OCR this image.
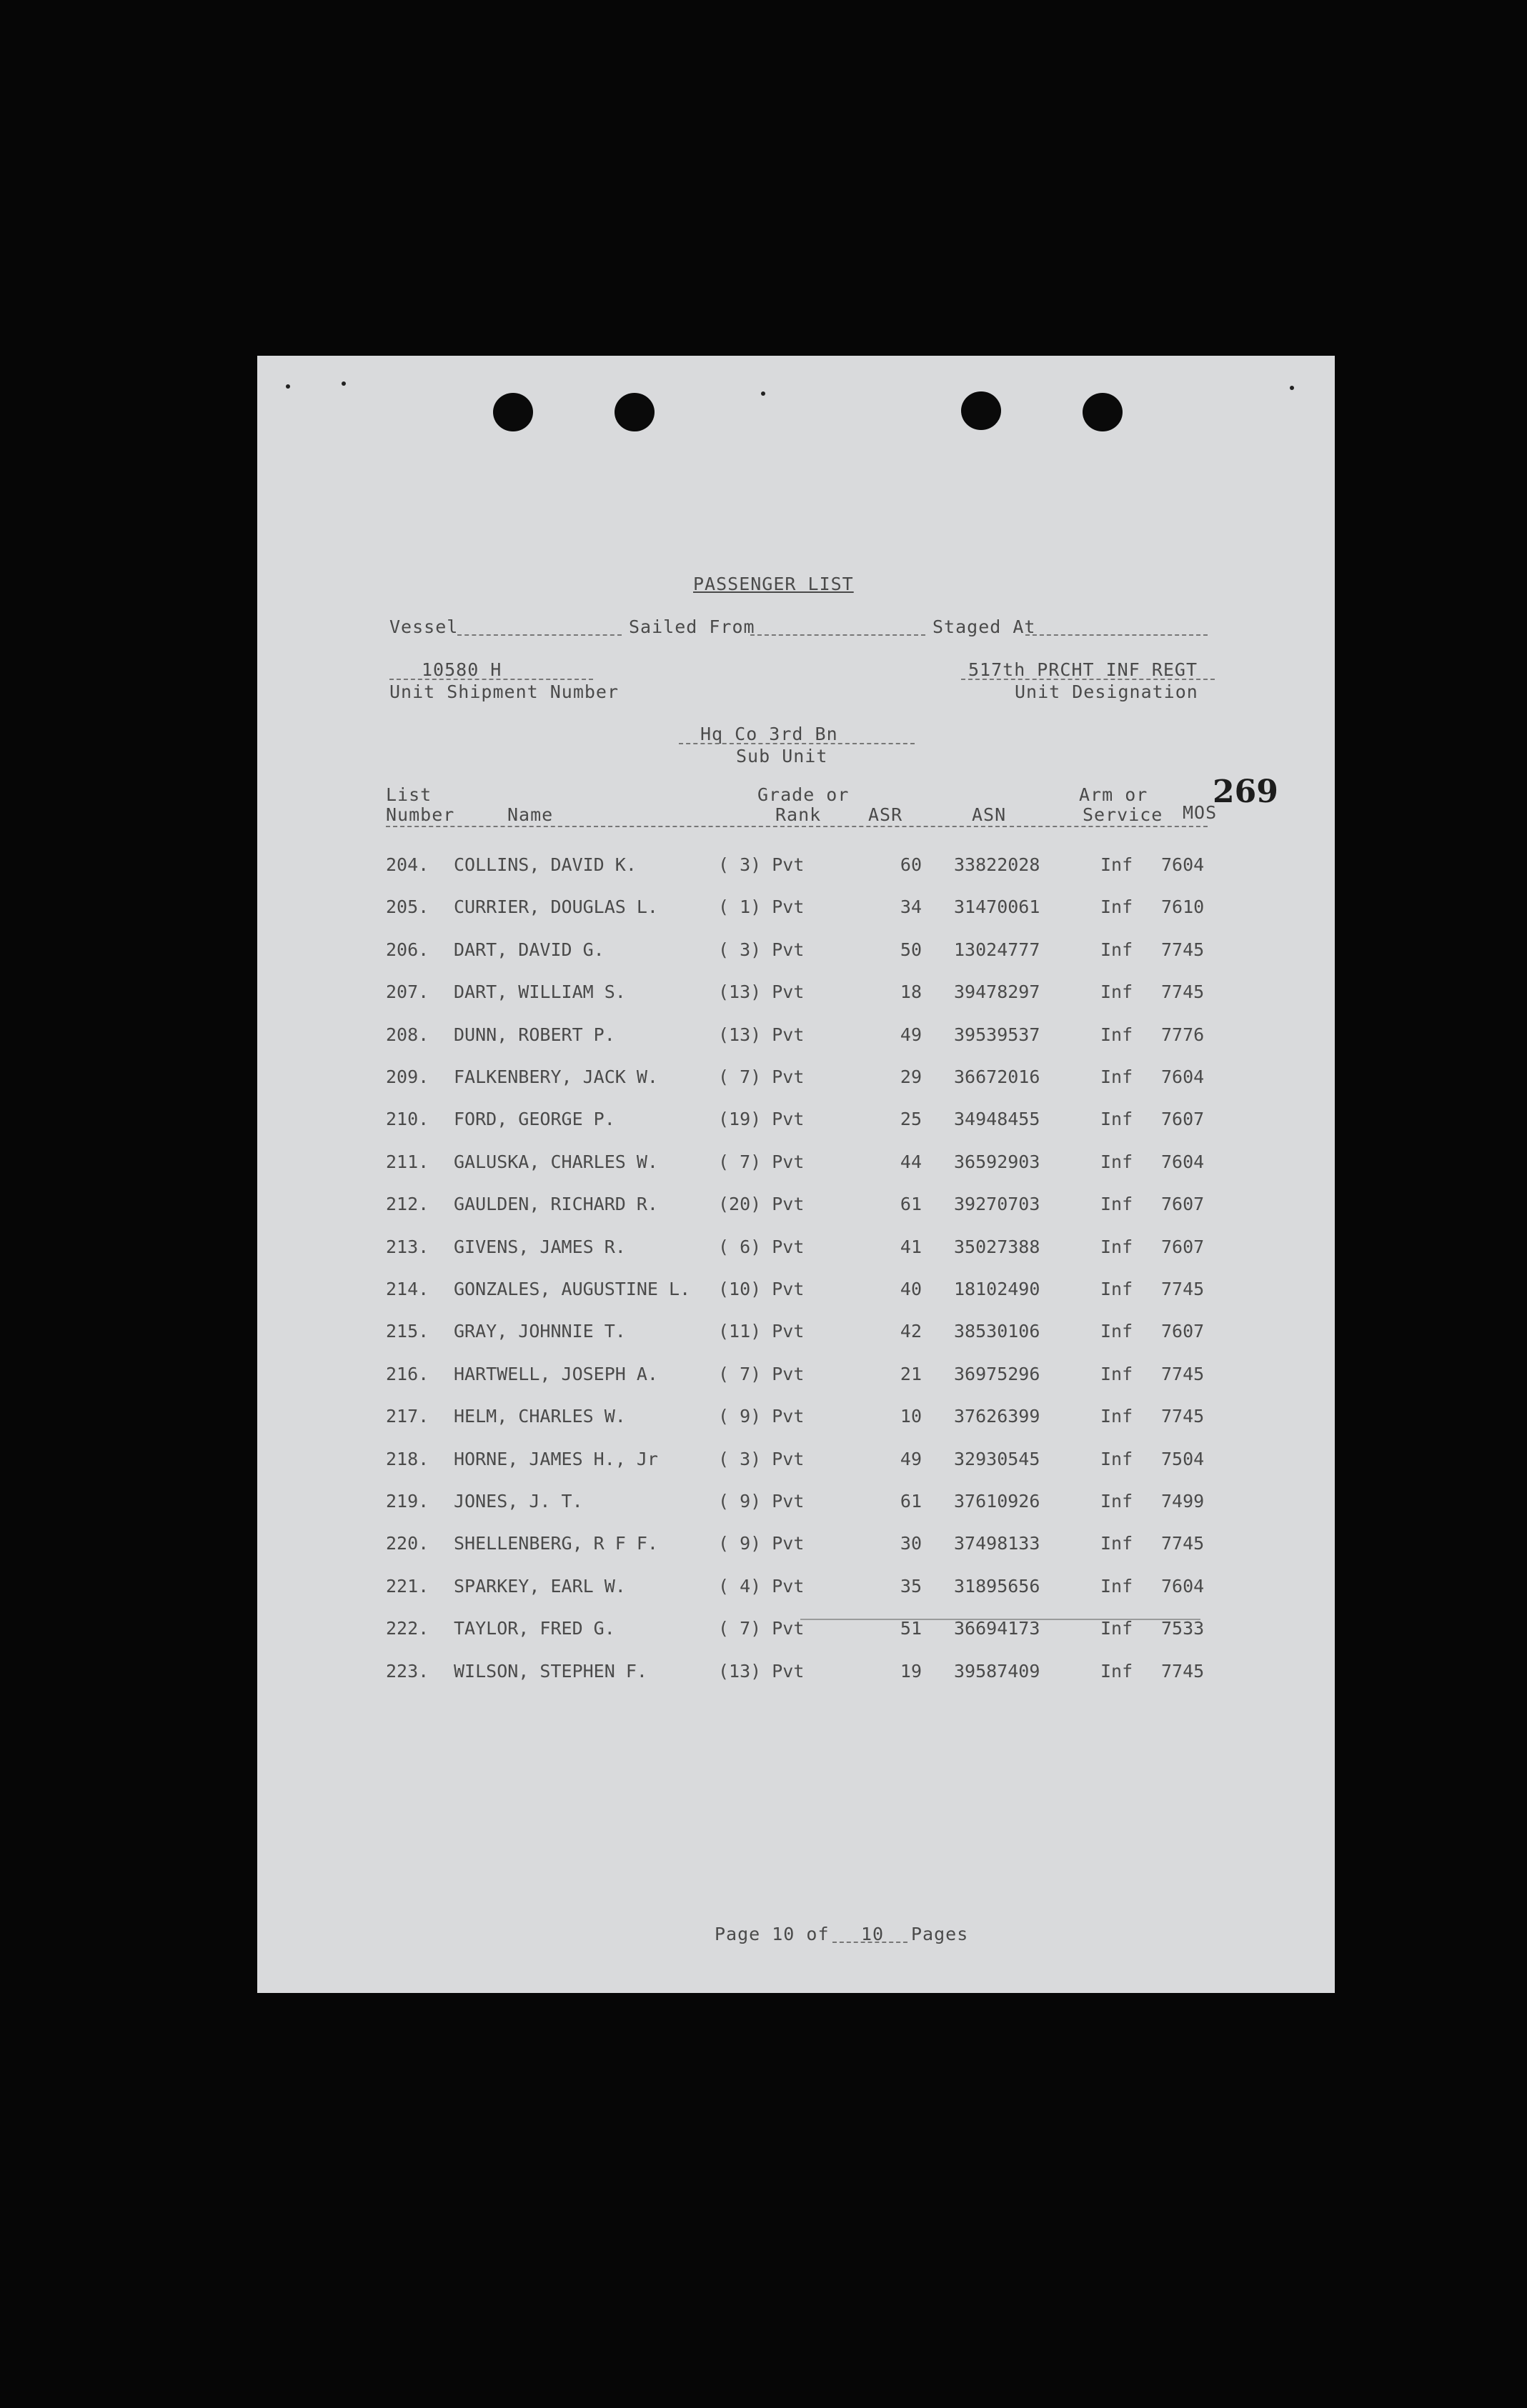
PASSENGER LIST
Vessel	Sailed From	Staged At
10580 H
Unit Shipment Number
517th PRCHT INF REGT
Unit Designation
Hq Co 3rd Bn
Sub Unit
269
List
Number	Name
Grade or
Rank	ASR	ASN
Arm or
Service MOS
204. COLLINS, DAVID K.	( 3) Pvt	60 33822028	Inf 7604
205. CURRIER, DOUGLAS L.	( 1) Pvt	34 31470061	Inf 7610
206. DART, DAVID G.	( 3) Pvt	50 13024777	Inf 7745
207. DART, WILLIAM S.	(13) Pvt	18 39478297	Inf 7745
208. DUNN, ROBERT P.	(13) Pvt	49 39539537	Inf 7776
209. FALKENBERY, JACK W.	( 7) Pvt	29 36672016	Inf 7604
210. FORD, GEORGE P.	(19) Pvt	25 34948455	Inf 7607
211. GALUSKA, CHARLES W.	( 7) Pvt	44 36592903	Inf 7604
212. GAULDEN, RICHARD R.	(20) Pvt	61 39270703	Inf 7607
213. GIVENS, JAMES R.	( 6) Pvt	41 35027388	Inf 7607
214. GONZALES, AUGUSTINE L. (10) Pvt	40 18102490	Inf 7745
215. GRAY, JOHNNIE T.	(11) Pvt	42 38530106	Inf 7607
216. HARTWELL, JOSEPH A.	( 7) Pvt	21 36975296	Inf 7745
217. HELM, CHARLES W.	( 9) Pvt	10 37626399	Inf 7745
218. HORNE, JAMES H., Jr	( 3) Pvt	49 32930545	Inf 7504
219. JONES, J. T.	( 9) Pvt	61 37610926	Inf 7499
220. SHELLENBERG, R F F.	( 9) Pvt	30 37498133	Inf 7745
221. SPARKEY, EARL W.	( 4) Pvt	35 31895656	Inf 7604
222. TAYLOR, FRED G.	( 7) Pvt	51 36694173	Inf 7533
223. WILSON, STEPHEN F.	(13) Pvt	19 39587409	Inf 7745
Page 10 of 10 Pages
